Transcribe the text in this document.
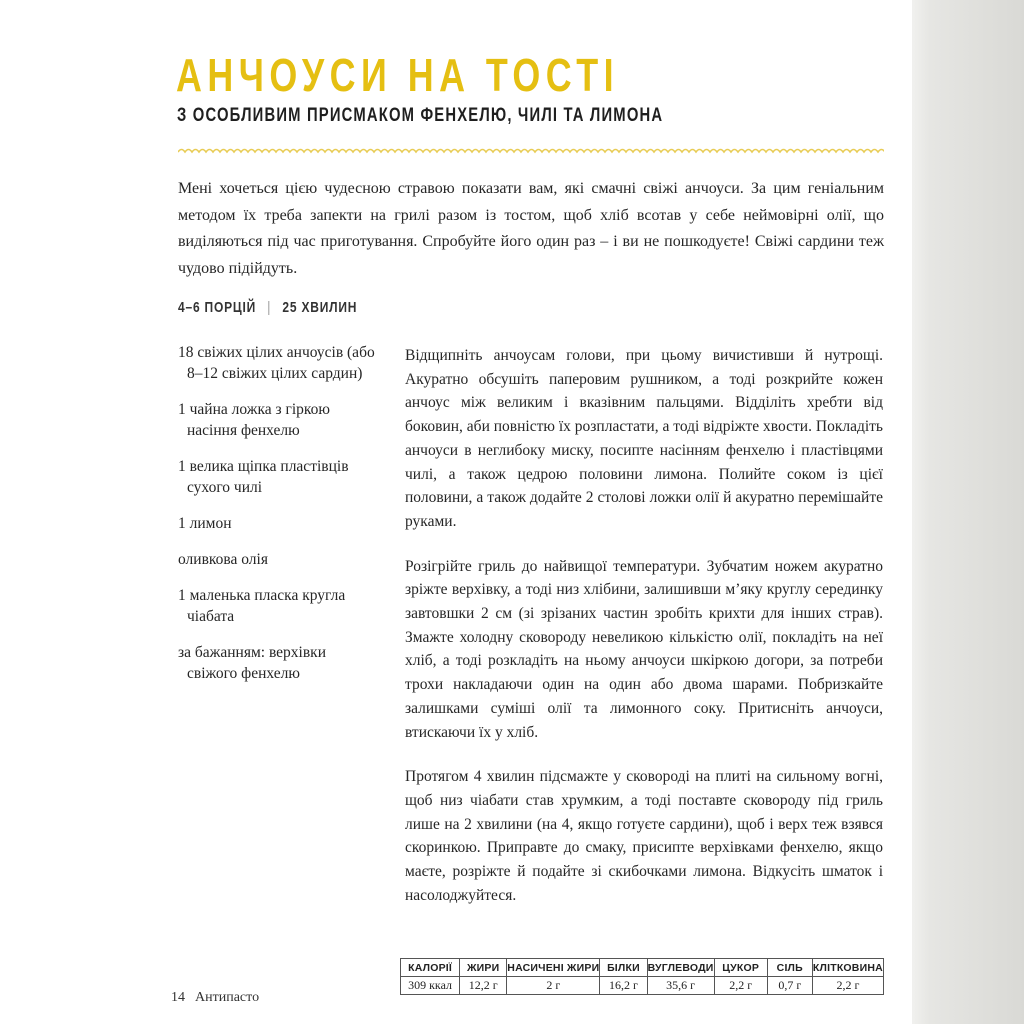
АНЧОУСИ НА ТОСТІ
З ОСОБЛИВИМ ПРИСМАКОМ ФЕНХЕЛЮ, ЧИЛІ ТА ЛИМОНА

Мені хочеться цією чудесною стравою показати вам, які смачні свіжі анчоуси. За цим геніальним методом їх треба запекти на грилі разом із тостом, щоб хліб всотав у себе неймовірні олії, що виділяються під час приготування. Спробуйте його один раз – і ви не пошкодуєте! Свіжі сардини теж чудово підійдуть.

4–6 ПОРЦІЙ | 25 ХВИЛИН
18 свіжих цілих анчоусів (або 8–12 свіжих цілих сардин)
1 чайна ложка з гіркою насіння фенхелю
1 велика щіпка пластівців сухого чилі
1 лимон
оливкова олія
1 маленька пласка кругла чіабата
за бажанням: верхівки свіжого фенхелю

Відщипніть анчоусам голови, при цьому вичистивши й нутрощі. Акуратно обсушіть паперовим рушником, а тоді розкрийте кожен анчоус між великим і вказівним пальцями. Відділіть хребти від боковин, аби повністю їх розпластати, а тоді відріжте хвости. Покладіть анчоуси в неглибоку миску, посипте насінням фенхелю і пластівцями чилі, а також цедрою половини лимона. Полийте соком із цієї половини, а також додайте 2 столові ложки олії й акуратно перемішайте руками.

Розігрійте гриль до найвищої температури. Зубчатим ножем акуратно зріжте верхівку, а тоді низ хлібини, залишивши м’яку круглу серединку завтовшки 2 см (зі зрізаних частин зробіть крихти для інших страв). Змажте холодну сковороду невеликою кількістю олії, покладіть на неї хліб, а тоді розкладіть на ньому анчоуси шкіркою догори, за потреби трохи накладаючи один на один або двома шарами. Побризкайте залишками суміші олії та лимонного соку. Притисніть анчоуси, втискаючи їх у хліб.

Протягом 4 хвилин підсмажте у сковороді на плиті на сильному вогні, щоб низ чіабати став хрумким, а тоді поставте сковороду під гриль лише на 2 хвилини (на 4, якщо готуєте сардини), щоб і верх теж взявся скоринкою. Приправте до смаку, присипте верхівками фенхелю, якщо маєте, розріжте й подайте зі скибочками лимона. Відкусіть шматок і насолоджуйтеся.

КАЛОРІЇ	ЖИРИ	НАСИЧЕНІ ЖИРИ	БІЛКИ	ВУГЛЕВОДИ	ЦУКОР	СІЛЬ	КЛІТКОВИНА
309 ккал	12,2 г	2 г	16,2 г	35,6 г	2,2 г	0,7 г	2,2 г
14 Антипасто
